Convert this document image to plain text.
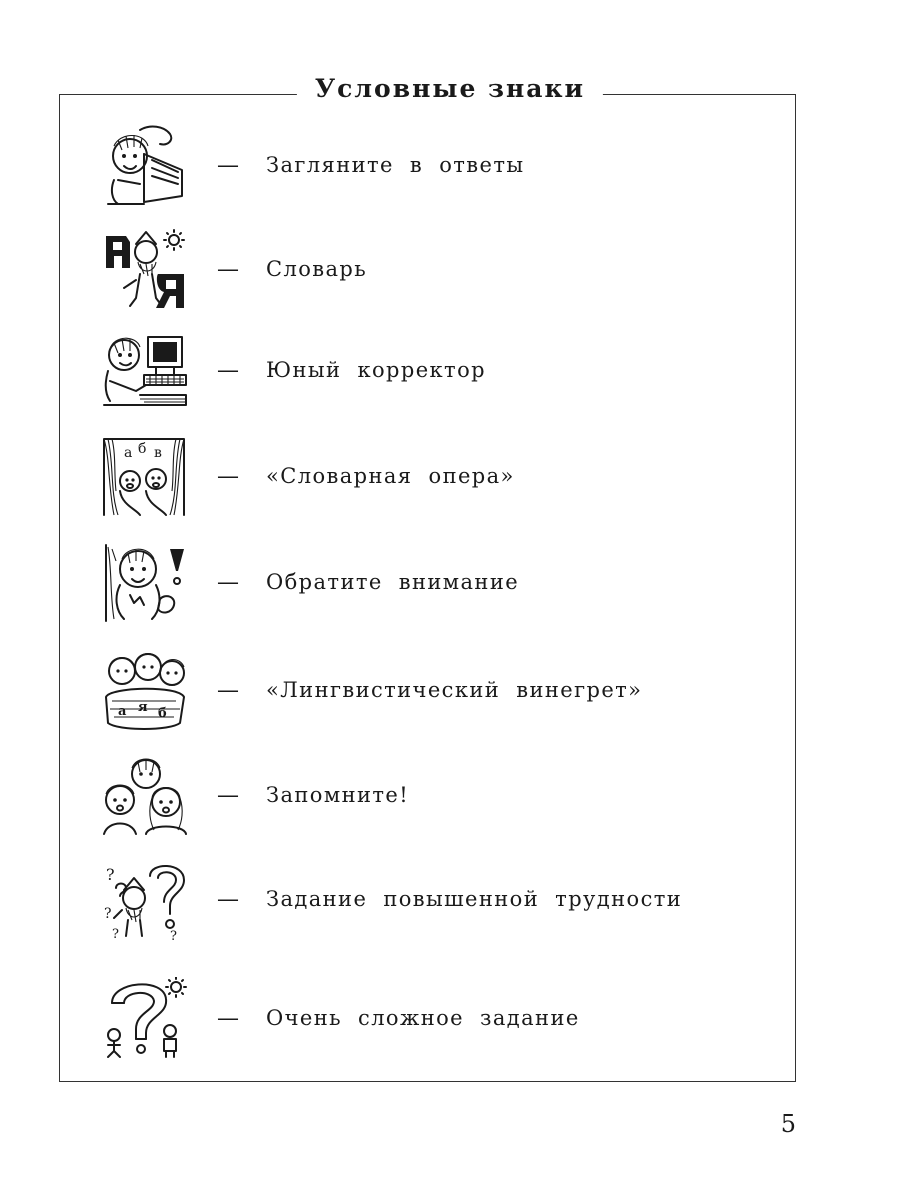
Условные знаки
— Загляните в ответы
— Словарь
— Юный корректор
а б в
— «Словарная опера»
— Обратите внимание
а я б
— «Лингвистический винегрет»
— Запомните!
?
?
?	?
— Задание повышенной трудности
— Очень сложное задание
5
